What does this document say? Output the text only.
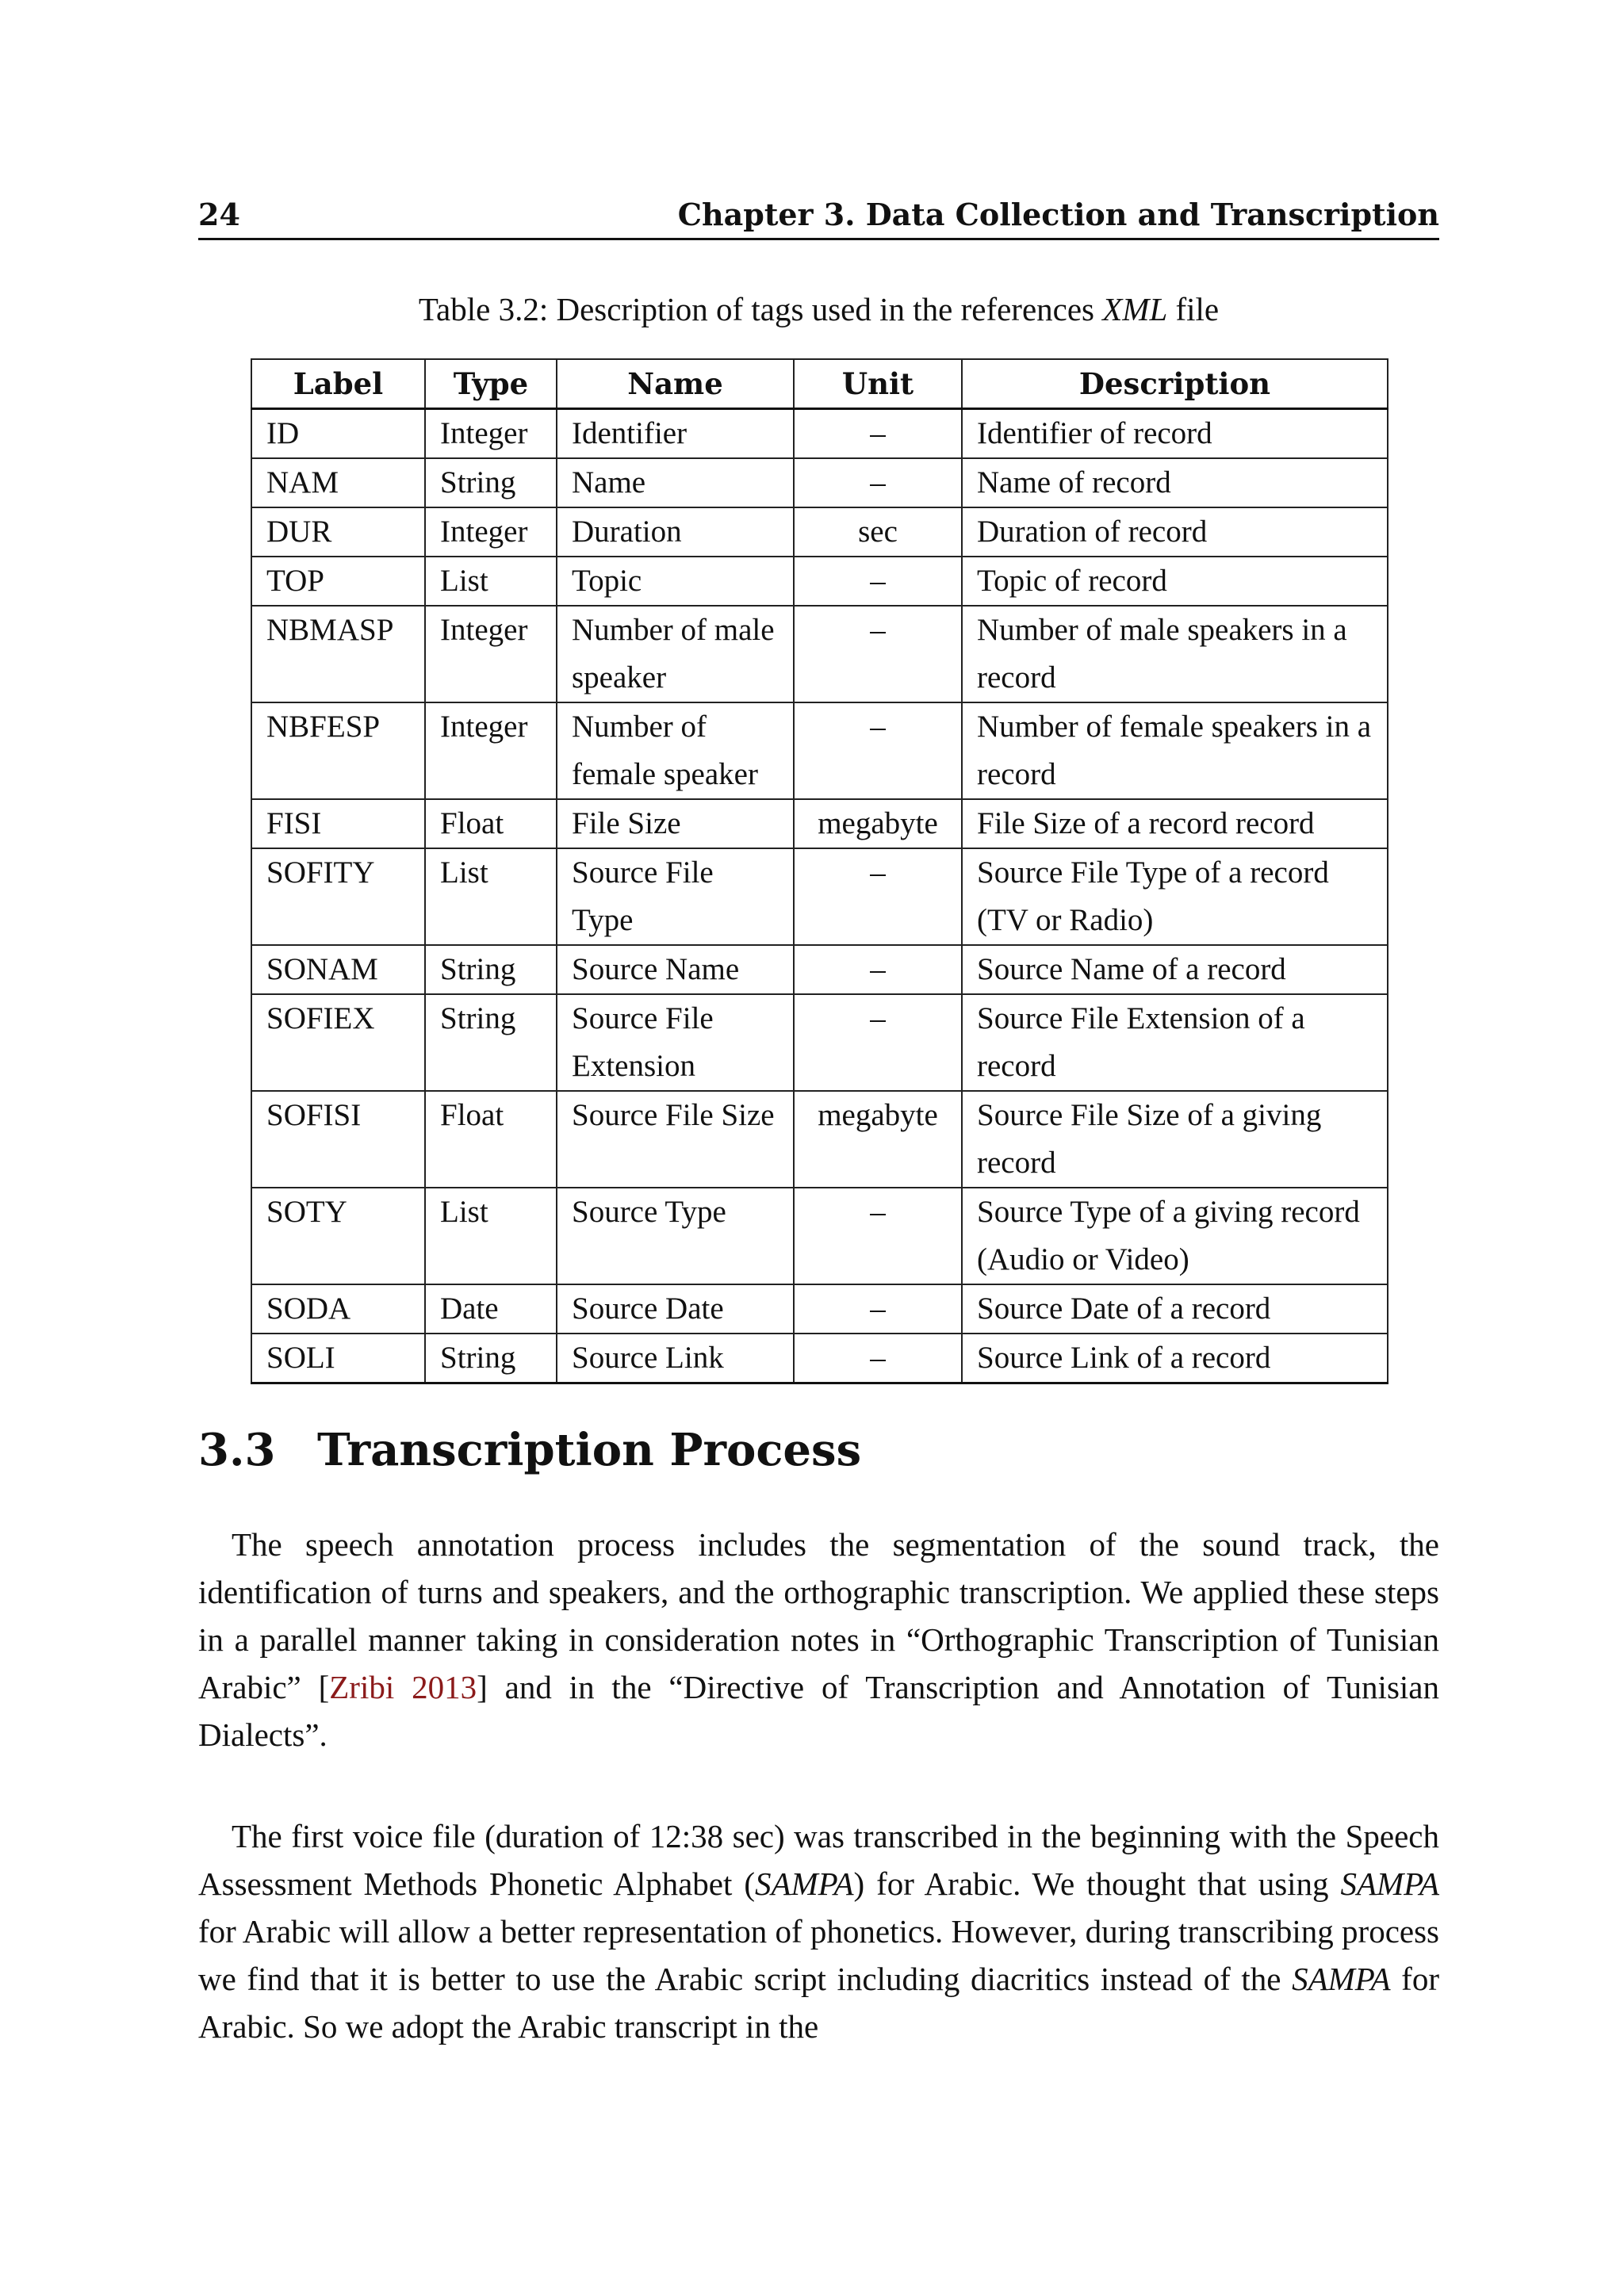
24	Chapter 3. Data Collection and Transcription
Table 3.2: Description of tags used in the references XML file
Label	Type	Name	Unit	Description
ID	Integer	Identifier	–	Identifier of record
NAM	String	Name	–	Name of record
DUR	Integer	Duration	sec	Duration of record
TOP	List	Topic	–	Topic of record
NBMASP	Integer	Number of male speaker	–	Number of male speakers in a record
NBFESP	Integer	Number of female speaker	–	Number of female speakers in a record
FISI	Float	File Size	megabyte	File Size of a record record
SOFITY	List	Source File Type	–	Source File Type of a record (TV or Radio)
SONAM	String	Source Name	–	Source Name of a record
SOFIEX	String	Source File Extension	–	Source File Extension of a record
SOFISI	Float	Source File Size	megabyte	Source File Size of a giving record
SOTY	List	Source Type	–	Source Type of a giving record (Audio or Video)
SODA	Date	Source Date	–	Source Date of a record
SOLI	String	Source Link	–	Source Link of a record
3.3 Transcription Process

The speech annotation process includes the segmentation of the sound track, the identification of turns and speakers, and the orthographic transcription. We applied these steps in a parallel manner taking in consideration notes in “Orthographic Transcription of Tunisian Arabic” [Zribi 2013] and in the “Directive of Transcription and Annotation of Tunisian Dialects”.

The first voice file (duration of 12:38 sec) was transcribed in the beginning with the Speech Assessment Methods Phonetic Alphabet (SAMPA) for Arabic. We thought that using SAMPA for Arabic will allow a better representation of phonetics. However, during transcribing process we find that it is better to use the Arabic script including diacritics instead of the SAMPA for Arabic. So we adopt the Arabic transcript in the
